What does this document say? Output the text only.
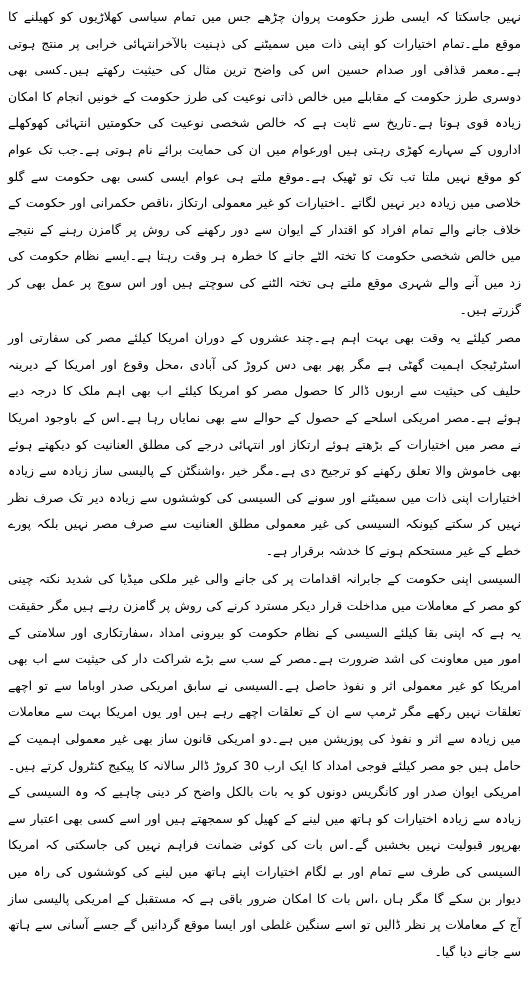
نہیں جاسکتا کہ ایسی طرز حکومت پروان چڑھے جس میں تمام سیاسی کھلاڑیوں کو کھیلنے کا موقع ملے۔تمام اختیارات کو اپنی ذات میں سمیٹنے کی ذہنیت بالآخرانتہائی خرابی پر منتج ہوتی ہے۔معمر قذافی اور صدام حسین اس کی واضح ترین مثال کی حیثیت رکھتے ہیں۔کسی بھی دوسری طرز حکومت کے مقابلے میں خالص ذاتی نوعیت کی طرز حکومت کے خونیں انجام کا امکان زیادہ قوی ہوتا ہے۔تاریخ سے ثابت ہے کہ خالص شخصی نوعیت کی حکومتیں انتہائی کھوکھلے اداروں کے سہارے کھڑی رہتی ہیں اورعوام میں ان کی حمایت برائے نام ہوتی ہے۔جب تک عوام کو موقع نہیں ملتا تب تک تو ٹھیک ہے۔موقع ملتے ہی عوام ایسی کسی بھی حکومت سے گلو خلاصی میں زیادہ دیر نہیں لگاتے ۔اختیارات کو غیر معمولی ارتکاز ،ناقص حکمرانی اور حکومت کے خلاف جانے والے تمام افراد کو اقتدار کے ایوان سے دور رکھنے کی روش پر گامزن رہنے کے نتیجے میں خالص شخصی حکومت کا تختہ الٹے جانے کا خطرہ ہر وقت رہتا ہے۔ایسے نظام حکومت کی زد میں آنے والے شہری موقع ملتے ہی تختہ الٹنے کی سوچتے ہیں اور اس سوچ پر عمل بھی کر گزرتے ہیں۔

مصر کیلئے یہ وقت بھی بہت اہم ہے۔چند عشروں کے دوران امریکا کیلئے مصر کی سفارتی اور اسٹرٹیجک اہمیت گھٹی ہے مگر پھر بھی دس کروڑ کی آبادی ،محل وقوع اور امریکا کے دیرینہ حلیف کی حیثیت سے اربوں ڈالر کا حصول مصر کو امریکا کیلئے اب بھی اہم ملک کا درجہ دیے ہوئے ہے۔مصر امریکی اسلحے کے حصول کے حوالے سے بھی نمایاں رہا ہے۔اس کے باوجود امریکا نے مصر میں اختیارات کے بڑھتے ہوئے ارتکاز اور انتہائی درجے کی مطلق العنانیت کو دیکھتے ہوئے بھی خاموش والا تعلق رکھنے کو ترجیح دی ہے۔مگر خیر ،واشنگٹن کے پالیسی ساز زیادہ سے زیادہ اختیارات اپنی ذات میں سمیٹنے اور سونے کی السیسی کی کوششوں سے زیادہ دیر تک صرف نظر نہیں کر سکتے کیونکہ السیسی کی غیر معمولی مطلق العنانیت سے صرف مصر نہیں بلکہ پورے خطے کے غیر مستحکم ہونے کا خدشہ برقرار ہے۔

السیسی اپنی حکومت کے جابرانہ اقدامات پر کی جانے والی غیر ملکی میڈیا کی شدید نکتہ چینی کو مصر کے معاملات میں مداخلت قرار دیکر مسترد کرنے کی روش پر گامزن رہے ہیں مگر حقیقت یہ ہے کہ اپنی بقا کیلئے السیسی کے نظام حکومت کو بیرونی امداد ،سفارتکاری اور سلامتی کے امور میں معاونت کی اشد ضرورت ہے۔مصر کے سب سے بڑے شراکت دار کی حیثیت سے اب بھی امریکا کو غیر معمولی اثر و نفوذ حاصل ہے۔السیسی نے سابق امریکی صدر اوباما سے تو اچھے تعلقات نہیں رکھے مگر ٹرمپ سے ان کے تعلقات اچھے رہے ہیں اور یوں امریکا بہت سے معاملات میں زیادہ سے اثر و نفوذ کی پوزیشن میں ہے۔دو امریکی قانون ساز بھی غیر معمولی اہمیت کے حامل ہیں جو مصر کیلئے فوجی امداد کا ایک ارب 30 کروڑ ڈالر سالانہ کا پیکیج کنٹرول کرتے ہیں۔امریکی ایوان صدر اور کانگریس دونوں کو یہ بات بالکل واضح کر دینی چاہیے کہ وہ السیسی کے زیادہ سے زیادہ اختیارات کو ہاتھ میں لینے کے کھیل کو سمجھتے ہیں اور اسے کسی بھی اعتبار سے بھرپور قبولیت نہیں بخشیں گے۔اس بات کی کوئی ضمانت فراہم نہیں کی جاسکتی کہ امریکا السیسی کی طرف سے تمام اور بے لگام اختیارات اپنے ہاتھ میں لینے کی کوششوں کی راہ میں دیوار بن سکے گا مگر ہاں ،اس بات کا امکان ضرور باقی ہے کہ مستقبل کے امریکی پالیسی ساز آج کے معاملات پر نظر ڈالیں تو اسے سنگین غلطی اور ایسا موقع گردانیں گے جسے آسانی سے ہاتھ سے جانے دیا گیا۔
